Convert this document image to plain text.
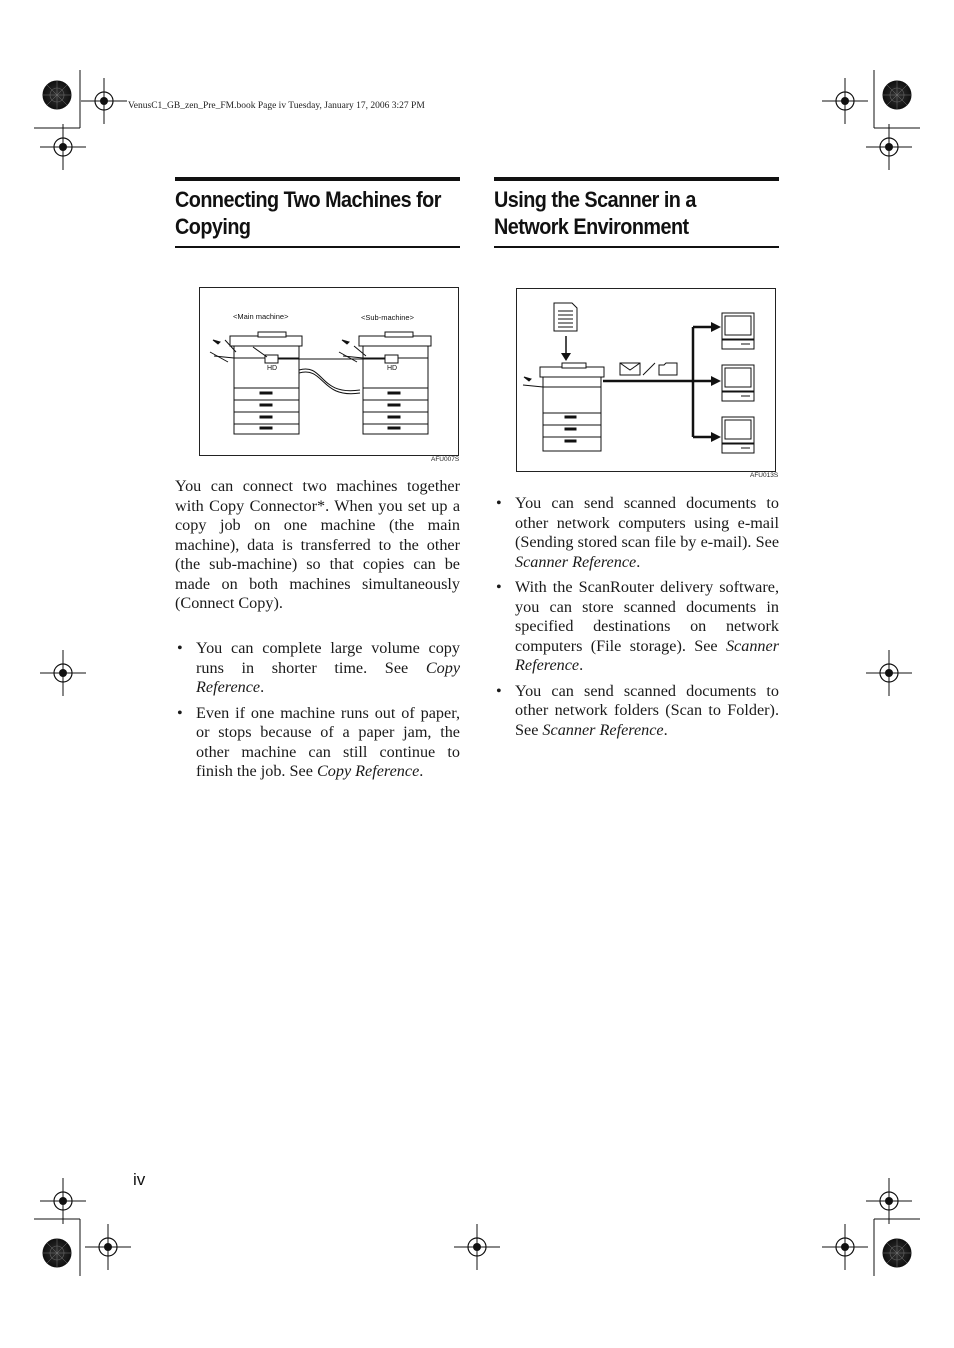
VenusC1_GB_zen_Pre_FM.book Page iv Tuesday, January 17, 2006 3:27 PM
Connecting Two Machines for
Copying
<Main machine>	<Sub-machine>
HD	HD
AFU007S

You can connect two machines together with Copy Connector*. When you set up a copy job on one machine (the main machine), data is transferred to the other (the sub-machine) so that copies can be made on both machines simultaneously (Connect Copy).

• You can complete large volume copy runs in shorter time. See Copy Reference.
• Even if one machine runs out of paper, or stops because of a paper jam, the other machine can still continue to finish the job. See Copy Reference.
Using the Scanner in a
Network Environment
AFU013S
• You can send scanned documents to other network computers using e-mail (Sending stored scan file by e-mail). See Scanner Reference.
• With the ScanRouter delivery software, you can store scanned documents in specified destinations on network computers (File storage). See Scanner Reference.
• You can send scanned documents to other network folders (Scan to Folder). See Scanner Reference.
iv
